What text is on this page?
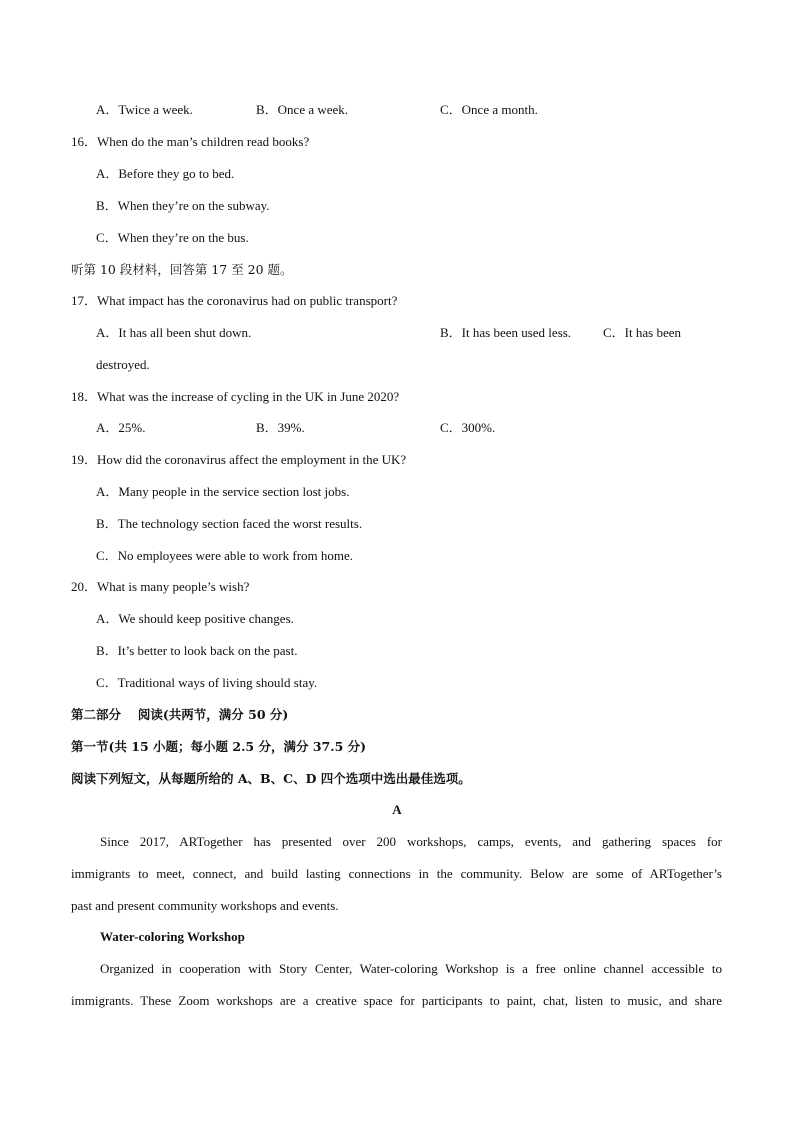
A．Twice a week.	B．Once a week.	C．Once a month.
16．When do the man’s children read books?
A．Before they go to bed.
B．When they’re on the subway.
C．When they’re on the bus.
听第 10 段材料，回答第 17 至 20 题。
17．What impact has the coronavirus had on public transport?
A．It has all been shut down.	B．It has been used less. C．It has been
destroyed.
18．What was the increase of cycling in the UK in June 2020?
A．25%.	B．39%.	C．300%.
19．How did the coronavirus affect the employment in the UK?
A．Many people in the service section lost jobs.
B．The technology section faced the worst results.
C．No employees were able to work from home.
20．What is many people’s wish?
A．We should keep positive changes.
B．It’s better to look back on the past.
C．Traditional ways of living should stay.
第二部分　 阅读(共两节，满分 50 分)
第一节(共 15 小题；每小题 2.5 分，满分 37.5 分)
阅读下列短文，从每题所给的 A、B、C、D 四个选项中选出最佳选项。
A
Since 2017, ARTogether has presented over 200 workshops, camps, events, and gathering spaces for
immigrants to meet, connect, and build lasting connections in the community. Below are some of ARTogether’s
past and present community workshops and events.
Water-coloring Workshop
Organized in cooperation with Story Center, Water-coloring Workshop is a free online channel accessible to
immigrants. These Zoom workshops are a creative space for participants to paint, chat, listen to music, and share
